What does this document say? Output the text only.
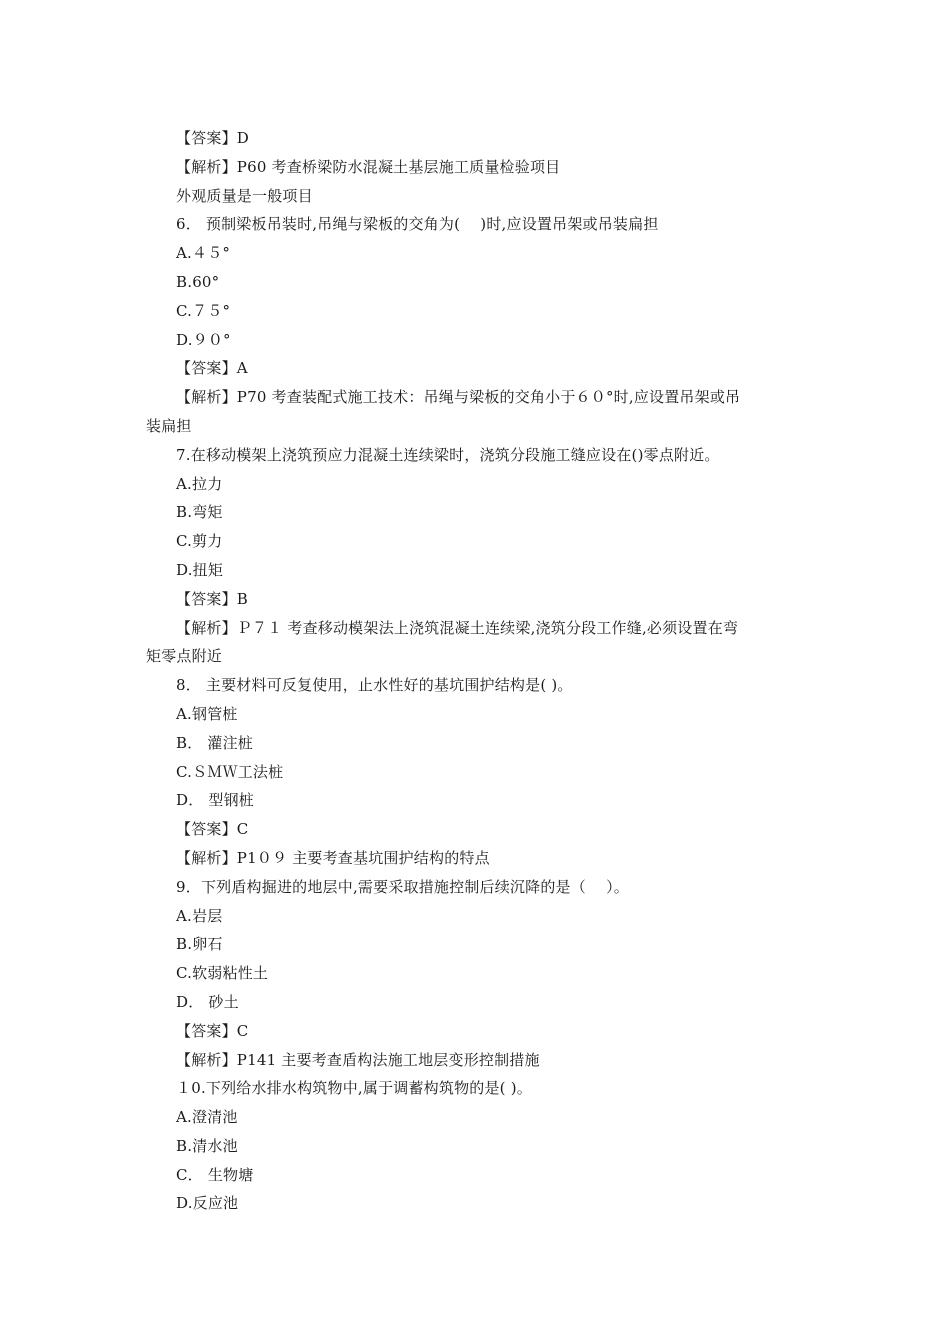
【答案】D
【解析】P60 考查桥梁防水混凝土基层施工质量检验项目
外观质量是一般项目
6． 预制梁板吊装时,吊绳与梁板的交角为(　 )时,应设置吊架或吊装扁担
A.４５°
B.60°
C.７５°
D.９０°
【答案】A
【解析】P70 考查装配式施工技术：吊绳与梁板的交角小于６０°时,应设置吊架或吊
装扁担
7.在移动模架上浇筑预应力混凝土连续梁时，浇筑分段施工缝应设在()零点附近。
A.拉力
B.弯矩
C.剪力
D.扭矩
【答案】B
【解析】Ｐ７１ 考查移动模架法上浇筑混凝土连续梁,浇筑分段工作缝,必须设置在弯
矩零点附近
8． 主要材料可反复使用，止水性好的基坑围护结构是( )。
A.钢管桩
B． 灌注桩
C.ＳＭＷ工法桩
D． 型钢桩
【答案】C
【解析】P1０９ 主要考查基坑围护结构的特点
9．下列盾构掘进的地层中,需要采取措施控制后续沉降的是（　 ）。
A.岩层
B.卵石
C.软弱粘性土
D． 砂土
【答案】C
【解析】P141 主要考查盾构法施工地层变形控制措施
１0.下列给水排水构筑物中,属于调蓄构筑物的是( )。
A.澄清池
B.清水池
C． 生物塘
D.反应池
